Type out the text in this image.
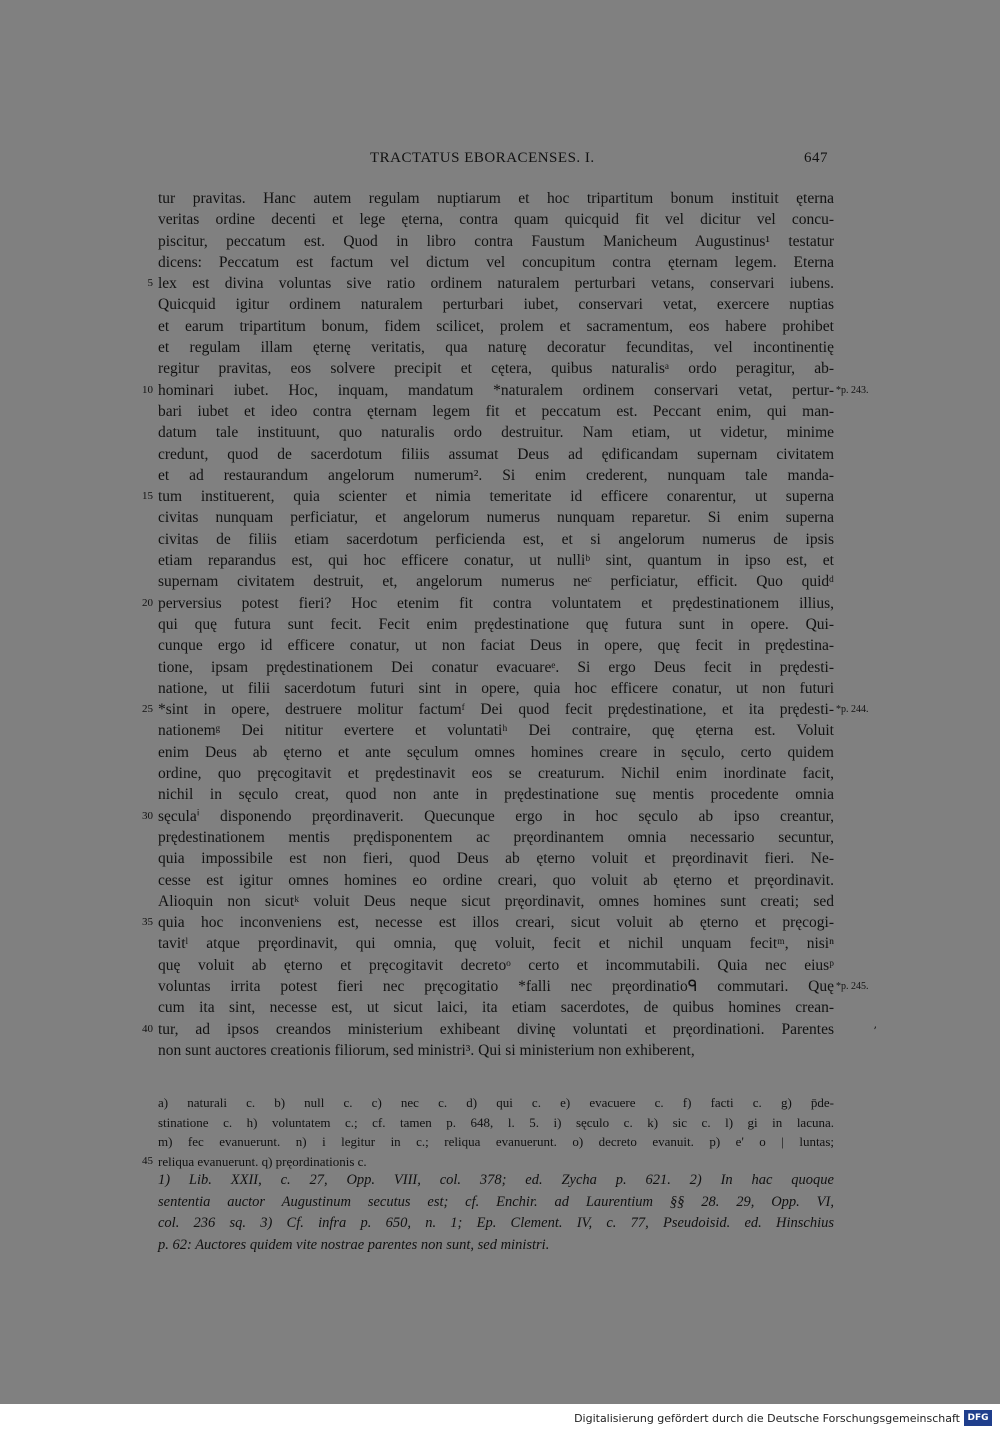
TRACTATUS EBORACENSES. I.	647
tur pravitas. Hanc autem regulam nuptiarum et hoc tripartitum bonum instituit ęterna
veritas ordine decenti et lege ęterna, contra quam quicquid fit vel dicitur vel concu-
piscitur, peccatum est. Quod in libro contra Faustum Manicheum Augustinus¹ testatur
dicens: Peccatum est factum vel dictum vel concupitum contra ęternam legem. Eterna
5 lex est divina voluntas sive ratio ordinem naturalem perturbari vetans, conservari iubens.
Quicquid igitur ordinem naturalem perturbari iubet, conservari vetat, exercere nuptias
et earum tripartitum bonum, fidem scilicet, prolem et sacramentum, eos habere prohibet
et regulam illam ęternę veritatis, qua naturę decoratur fecunditas, vel incontinentię
regitur pravitas, eos solvere precipit et cętera, quibus naturalisᵃ ordo peragitur, ab-
10 hominari iubet. Hoc, inquam, mandatum *naturalem ordinem conservari vetat, pertur- *p. 243.
bari iubet et ideo contra ęternam legem fit et peccatum est. Peccant enim, qui man-
datum tale instituunt, quo naturalis ordo destruitur. Nam etiam, ut videtur, minime
credunt, quod de sacerdotum filiis assumat Deus ad ędificandam supernam civitatem
et ad restaurandum angelorum numerum². Si enim crederent, nunquam tale manda-
15 tum instituerent, quia scienter et nimia temeritate id efficere conarentur, ut superna
civitas nunquam perficiatur, et angelorum numerus nunquam reparetur. Si enim superna
civitas de filiis etiam sacerdotum perficienda est, et si angelorum numerus de ipsis
etiam reparandus est, qui hoc efficere conatur, ut nulliᵇ sint, quantum in ipso est, et
supernam civitatem destruit, et, angelorum numerus neᶜ perficiatur, efficit. Quo quidᵈ
20 perversius potest fieri? Hoc etenim fit contra voluntatem et prędestinationem illius,
qui quę futura sunt fecit. Fecit enim prędestinatione quę futura sunt in opere. Qui-
cunque ergo id efficere conatur, ut non faciat Deus in opere, quę fecit in prędestina-
tione, ipsam prędestinationem Dei conatur evacuareᵉ. Si ergo Deus fecit in prędesti-
natione, ut filii sacerdotum futuri sint in opere, quia hoc efficere conatur, ut non futuri
25 *sint in opere, destruere molitur factumᶠ Dei quod fecit prędestinatione, et ita prędesti- *p. 244.
nationemᵍ Dei nititur evertere et voluntatiʰ Dei contraire, quę ęterna est. Voluit
enim Deus ab ęterno et ante sęculum omnes homines creare in sęculo, certo quidem
ordine, quo pręcogitavit et prędestinavit eos se creaturum. Nichil enim inordinate facit,
nichil in sęculo creat, quod non ante in prędestinatione suę mentis procedente omnia
30 sęculaⁱ disponendo pręordinaverit. Quecunque ergo in hoc sęculo ab ipso creantur,
prędestinationem mentis prędisponentem ac pręordinantem omnia necessario secuntur,
quia impossibile est non fieri, quod Deus ab ęterno voluit et pręordinavit fieri. Ne-
cesse est igitur omnes homines eo ordine creari, quo voluit ab ęterno et pręordinavit.
Alioquin non sicutᵏ voluit Deus neque sicut pręordinavit, omnes homines sunt creati; sed
35 quia hoc inconveniens est, necesse est illos creari, sicut voluit ab ęterno et pręcogi-
tavitˡ atque pręordinavit, qui omnia, quę voluit, fecit et nichil unquam fecitᵐ, nisiⁿ
quę voluit ab ęterno et pręcogitavit decretoᵒ certo et incommutabili. Quia nec eiusᵖ
voluntas irrita potest fieri nec pręcogitatio *falli nec pręordinatioᑫ commutari. Quę *p. 245.
cum ita sint, necesse est, ut sicut laici, ita etiam sacerdotes, de quibus homines crean-
40 tur, ad ipsos creandos ministerium exhibeant divinę voluntati et pręordinationi. Parentes
non sunt auctores creationis filiorum, sed ministri³. Qui si ministerium non exhiberent,
a) naturali c. b) null c. c) nec c. d) qui c. e) evacuere c. f) facti c. g) p̄de-
stinatione c. h) voluntatem c.; cf. tamen p. 648, l. 5. i) sęculo c. k) sic c. l) gi in lacuna.
m) fec evanuerunt. n) i legitur in c.; reliqua evanuerunt. o) decreto evanuit. p) e' o | luntas;
45 reliqua evanuerunt. q) pręordinationis c.
1) Lib. XXII, c. 27, Opp. VIII, col. 378; ed. Zycha p. 621. 2) In hac quoque
sententia auctor Augustinum secutus est; cf. Enchir. ad Laurentium §§ 28. 29, Opp. VI,
col. 236 sq. 3) Cf. infra p. 650, n. 1; Ep. Clement. IV, c. 77, Pseudoisid. ed. Hinschius
p. 62: Auctores quidem vite nostrae parentes non sunt, sed ministri.
ʼ
Digitalisierung gefördert durch die Deutsche Forschungsgemeinschaft DFG
